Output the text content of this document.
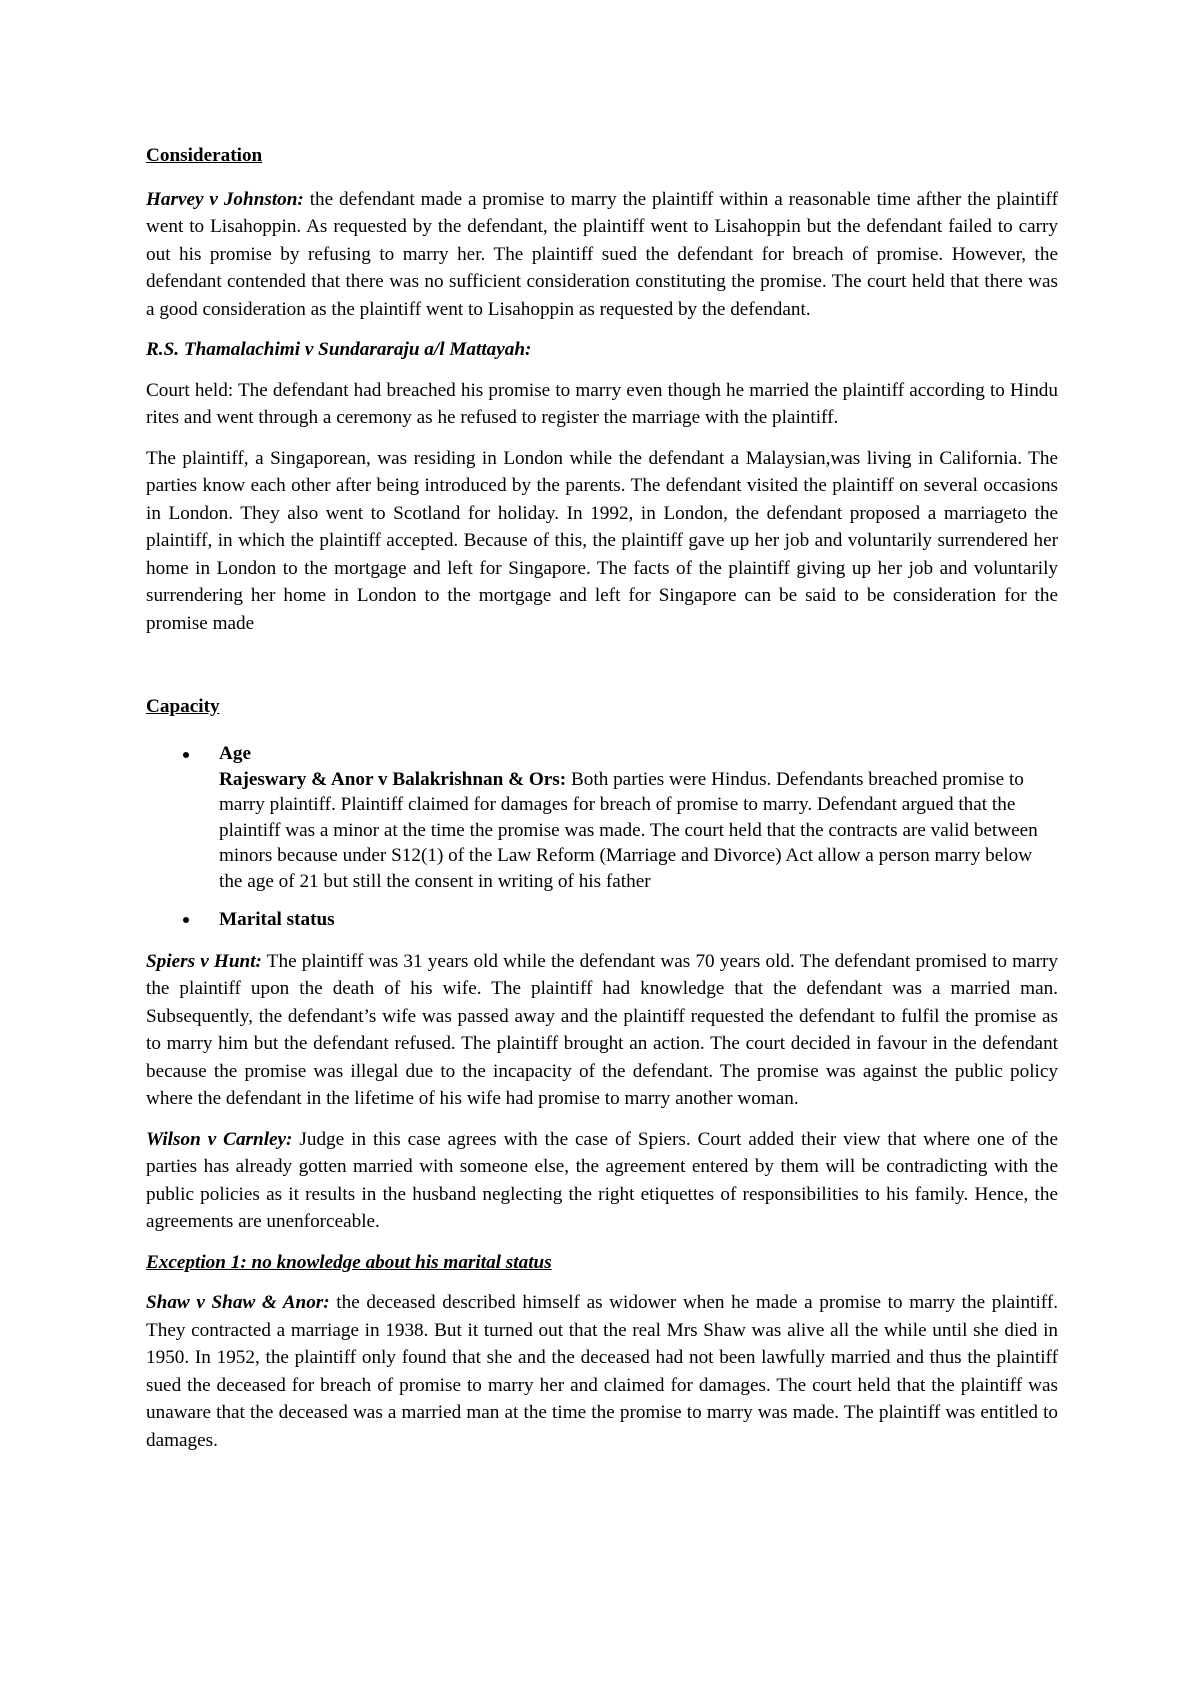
Consideration

Harvey v Johnston: the defendant made a promise to marry the plaintiff within a reasonable time afther the plaintiff went to Lisahoppin. As requested by the defendant, the plaintiff went to Lisahoppin but the defendant failed to carry out his promise by refusing to marry her. The plaintiff sued the defendant for breach of promise. However, the defendant contended that there was no sufficient consideration constituting the promise. The court held that there was a good consideration as the plaintiff went to Lisahoppin as requested by the defendant.

R.S. Thamalachimi v Sundararaju a/l Mattayah:

Court held: The defendant had breached his promise to marry even though he married the plaintiff according to Hindu rites and went through a ceremony as he refused to register the marriage with the plaintiff.

The plaintiff, a Singaporean, was residing in London while the defendant a Malaysian,was living in California. The parties know each other after being introduced by the parents. The defendant visited the plaintiff on several occasions in London. They also went to Scotland for holiday. In 1992, in London, the defendant proposed a marriageto the plaintiff, in which the plaintiff accepted. Because of this, the plaintiff gave up her job and voluntarily surrendered her home in London to the mortgage and left for Singapore. The facts of the plaintiff giving up her job and voluntarily surrendering her home in London to the mortgage and left for Singapore can be said to be consideration for the promise made

Capacity

Age
Rajeswary & Anor v Balakrishnan & Ors: Both parties were Hindus. Defendants breached promise to marry plaintiff. Plaintiff claimed for damages for breach of promise to marry. Defendant argued that the plaintiff was a minor at the time the promise was made. The court held that the contracts are valid between minors because under S12(1) of the Law Reform (Marriage and Divorce) Act allow a person marry below the age of 21 but still the consent in writing of his father
Marital status

Spiers v Hunt: The plaintiff was 31 years old while the defendant was 70 years old. The defendant promised to marry the plaintiff upon the death of his wife. The plaintiff had knowledge that the defendant was a married man. Subsequently, the defendant’s wife was passed away and the plaintiff requested the defendant to fulfil the promise as to marry him but the defendant refused. The plaintiff brought an action. The court decided in favour in the defendant because the promise was illegal due to the incapacity of the defendant. The promise was against the public policy where the defendant in the lifetime of his wife had promise to marry another woman.

Wilson v Carnley: Judge in this case agrees with the case of Spiers. Court added their view that where one of the parties has already gotten married with someone else, the agreement entered by them will be contradicting with the public policies as it results in the husband neglecting the right etiquettes of responsibilities to his family. Hence, the agreements are unenforceable.

Exception 1: no knowledge about his marital status

Shaw v Shaw & Anor: the deceased described himself as widower when he made a promise to marry the plaintiff. They contracted a marriage in 1938. But it turned out that the real Mrs Shaw was alive all the while until she died in 1950. In 1952, the plaintiff only found that she and the deceased had not been lawfully married and thus the plaintiff sued the deceased for breach of promise to marry her and claimed for damages. The court held that the plaintiff was unaware that the deceased was a married man at the time the promise to marry was made. The plaintiff was entitled to damages.
